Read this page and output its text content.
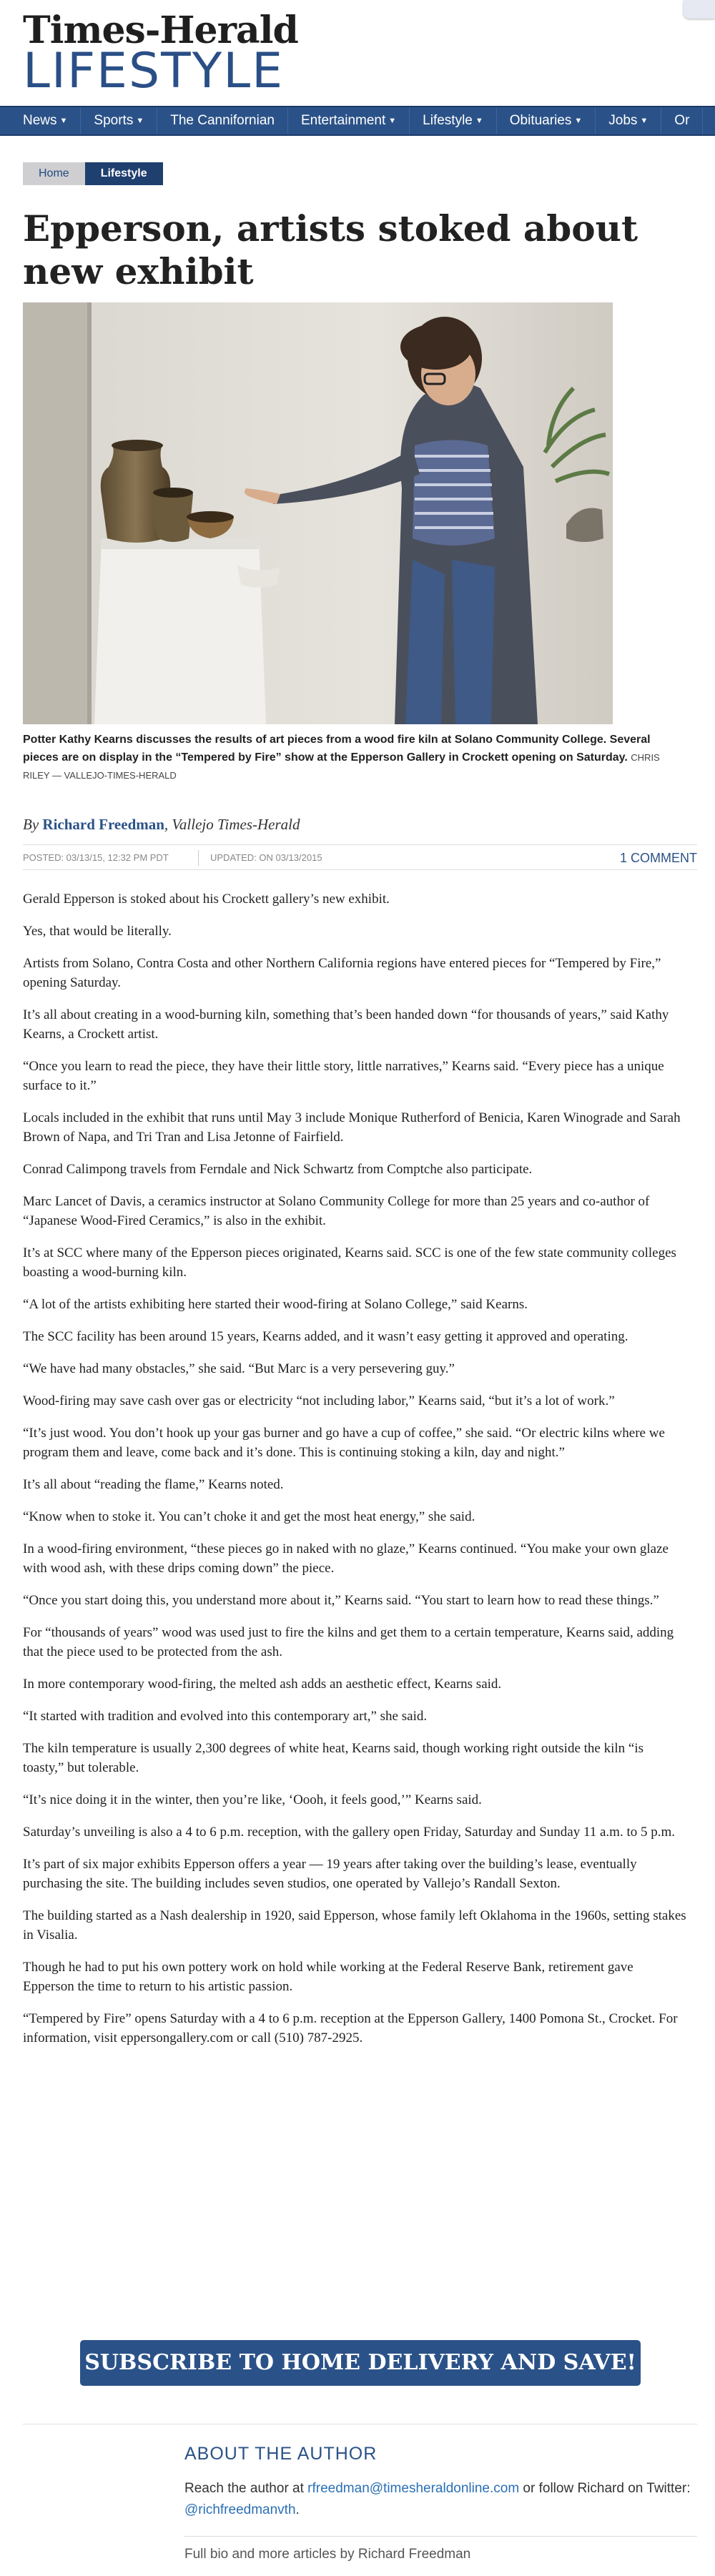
Times-Herald
LIFESTYLE
News ▼ Sports ▼ The Cannifornian Entertainment ▼ Lifestyle ▼ Obituaries ▼ Jobs ▼ Or
Home	Lifestyle
Epperson, artists stoked about new exhibit
Potter Kathy Kearns discusses the results of art pieces from a wood fire kiln at Solano Community College. Several pieces are on display in the “Tempered by Fire” show at the Epperson Gallery in Crockett opening on Saturday. CHRIS RILEY — VALLEJO-TIMES-HERALD
By Richard Freedman, Vallejo Times-Herald
POSTED: 03/13/15, 12:32 PM PDT	UPDATED: ON 03/13/2015	1 COMMENT

Gerald Epperson is stoked about his Crockett gallery’s new exhibit.

Yes, that would be literally.

Artists from Solano, Contra Costa and other Northern California regions have entered pieces for “Tempered by Fire,” opening Saturday.

It’s all about creating in a wood-burning kiln, something that’s been handed down “for thousands of years,” said Kathy Kearns, a Crockett artist.

“Once you learn to read the piece, they have their little story, little narratives,” Kearns said. “Every piece has a unique surface to it.”

Locals included in the exhibit that runs until May 3 include Monique Rutherford of Benicia, Karen Winograde and Sarah Brown of Napa, and Tri Tran and Lisa Jetonne of Fairfield.

Conrad Calimpong travels from Ferndale and Nick Schwartz from Comptche also participate.

Marc Lancet of Davis, a ceramics instructor at Solano Community College for more than 25 years and co-author of “Japanese Wood-Fired Ceramics,” is also in the exhibit.

It’s at SCC where many of the Epperson pieces originated, Kearns said. SCC is one of the few state community colleges boasting a wood-burning kiln.

“A lot of the artists exhibiting here started their wood-firing at Solano College,” said Kearns.

The SCC facility has been around 15 years, Kearns added, and it wasn’t easy getting it approved and operating.

“We have had many obstacles,” she said. “But Marc is a very persevering guy.”

Wood-firing may save cash over gas or electricity “not including labor,” Kearns said, “but it’s a lot of work.”

“It’s just wood. You don’t hook up your gas burner and go have a cup of coffee,” she said. “Or electric kilns where we program them and leave, come back and it’s done. This is continuing stoking a kiln, day and night.”

It’s all about “reading the flame,” Kearns noted.

“Know when to stoke it. You can’t choke it and get the most heat energy,” she said.

In a wood-firing environment, “these pieces go in naked with no glaze,” Kearns continued. “You make your own glaze with wood ash, with these drips coming down” the piece.

“Once you start doing this, you understand more about it,” Kearns said. “You start to learn how to read these things.”

For “thousands of years” wood was used just to fire the kilns and get them to a certain temperature, Kearns said, adding that the piece used to be protected from the ash.

In more contemporary wood-firing, the melted ash adds an aesthetic effect, Kearns said.

“It started with tradition and evolved into this contemporary art,” she said.

The kiln temperature is usually 2,300 degrees of white heat, Kearns said, though working right outside the kiln “is toasty,” but tolerable.

“It’s nice doing it in the winter, then you’re like, ‘Oooh, it feels good,’” Kearns said.

Saturday’s unveiling is also a 4 to 6 p.m. reception, with the gallery open Friday, Saturday and Sunday 11 a.m. to 5 p.m.

It’s part of six major exhibits Epperson offers a year — 19 years after taking over the building’s lease, eventually purchasing the site. The building includes seven studios, one operated by Vallejo’s Randall Sexton.

The building started as a Nash dealership in 1920, said Epperson, whose family left Oklahoma in the 1960s, setting stakes in Visalia.

Though he had to put his own pottery work on hold while working at the Federal Reserve Bank, retirement gave Epperson the time to return to his artistic passion.

“Tempered by Fire” opens Saturday with a 4 to 6 p.m. reception at the Epperson Gallery, 1400 Pomona St., Crocket. For information, visit eppersongallery.com or call (510) 787-2925.

SUBSCRIBE TO HOME DELIVERY AND SAVE!
ABOUT THE AUTHOR
Reach the author at rfreedman@timesheraldonline.com or follow Richard on Twitter: @richfreedmanvth.
Full bio and more articles by Richard Freedman
